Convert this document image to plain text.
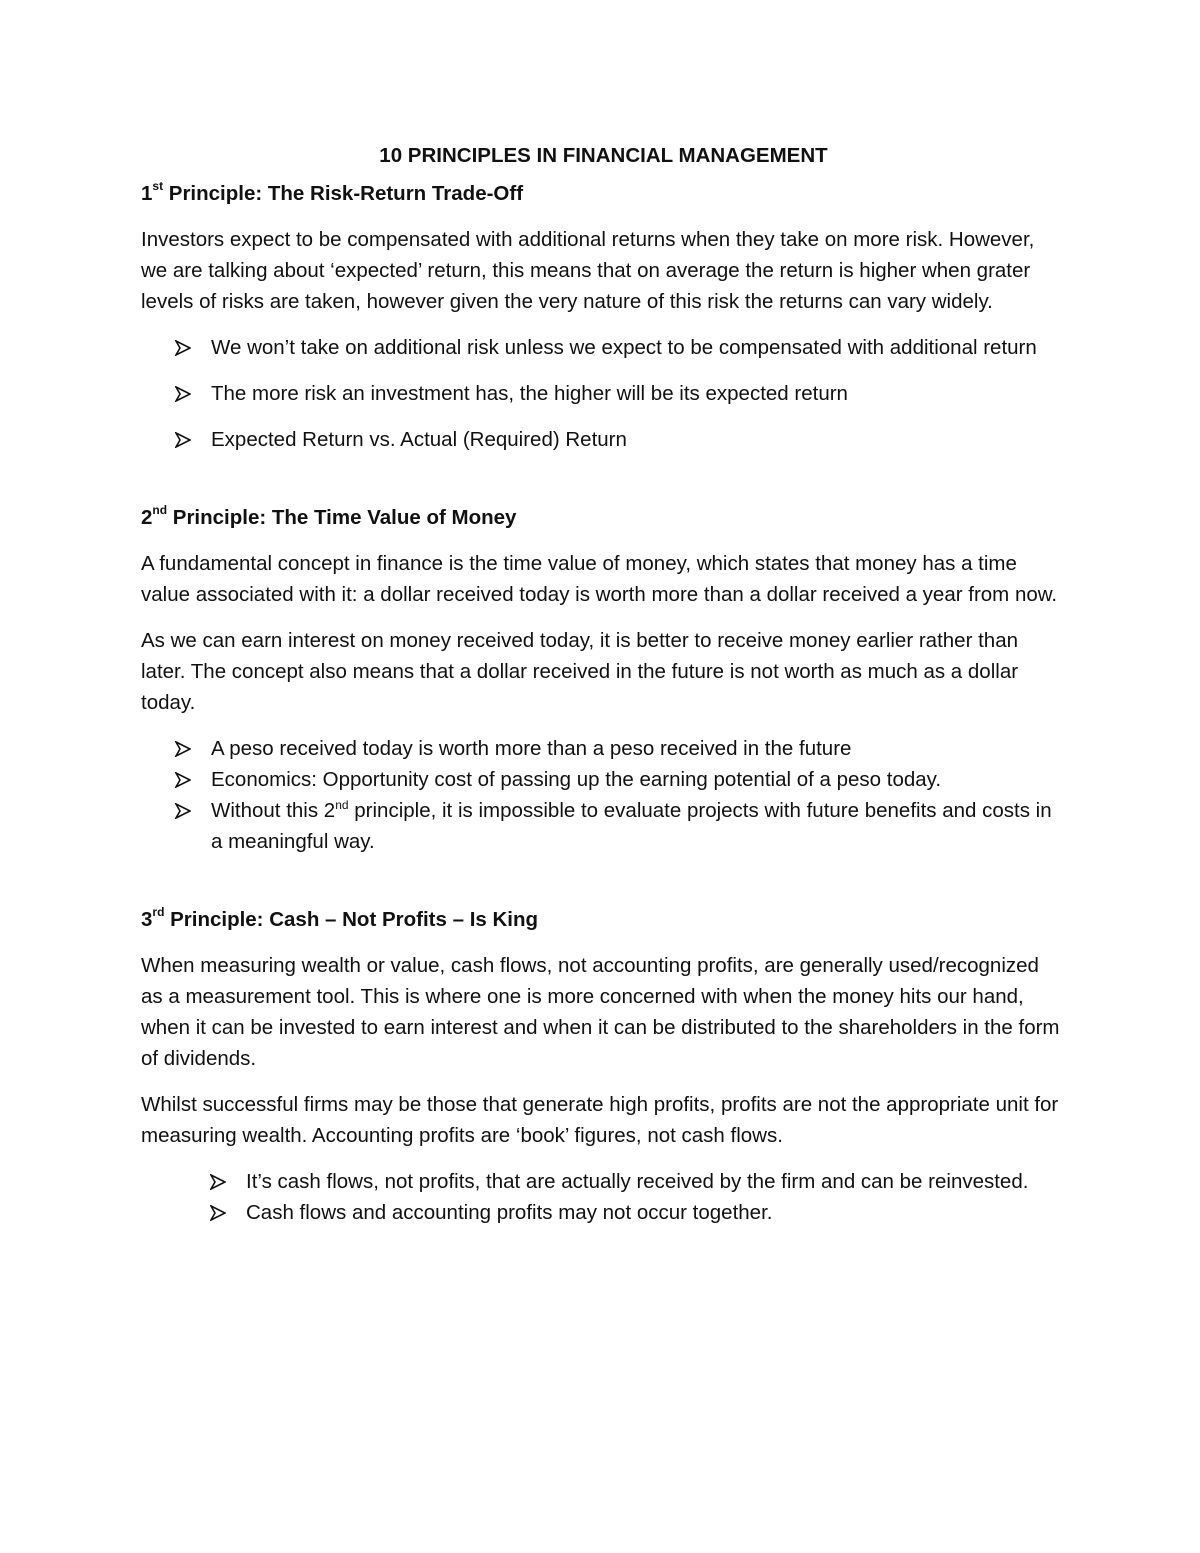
10 PRINCIPLES IN FINANCIAL MANAGEMENT
1st Principle: The Risk-Return Trade-Off

Investors expect to be compensated with additional returns when they take on more risk. However, we are talking about ‘expected’ return, this means that on average the return is higher when grater levels of risks are taken, however given the very nature of this risk the returns can vary widely.

We won’t take on additional risk unless we expect to be compensated with additional return
The more risk an investment has, the higher will be its expected return
Expected Return vs. Actual (Required) Return
2nd Principle: The Time Value of Money

A fundamental concept in finance is the time value of money, which states that money has a time value associated with it: a dollar received today is worth more than a dollar received a year from now.

As we can earn interest on money received today, it is better to receive money earlier rather than later. The concept also means that a dollar received in the future is not worth as much as a dollar today.

A peso received today is worth more than a peso received in the future
Economics: Opportunity cost of passing up the earning potential of a peso today.
Without this 2nd principle, it is impossible to evaluate projects with future benefits and costs in a meaningful way.
3rd Principle: Cash – Not Profits – Is King

When measuring wealth or value, cash flows, not accounting profits, are generally used/recognized as a measurement tool. This is where one is more concerned with when the money hits our hand, when it can be invested to earn interest and when it can be distributed to the shareholders in the form of dividends.

Whilst successful firms may be those that generate high profits, profits are not the appropriate unit for measuring wealth. Accounting profits are ‘book’ figures, not cash flows.

It’s cash flows, not profits, that are actually received by the firm and can be reinvested.
Cash flows and accounting profits may not occur together.
